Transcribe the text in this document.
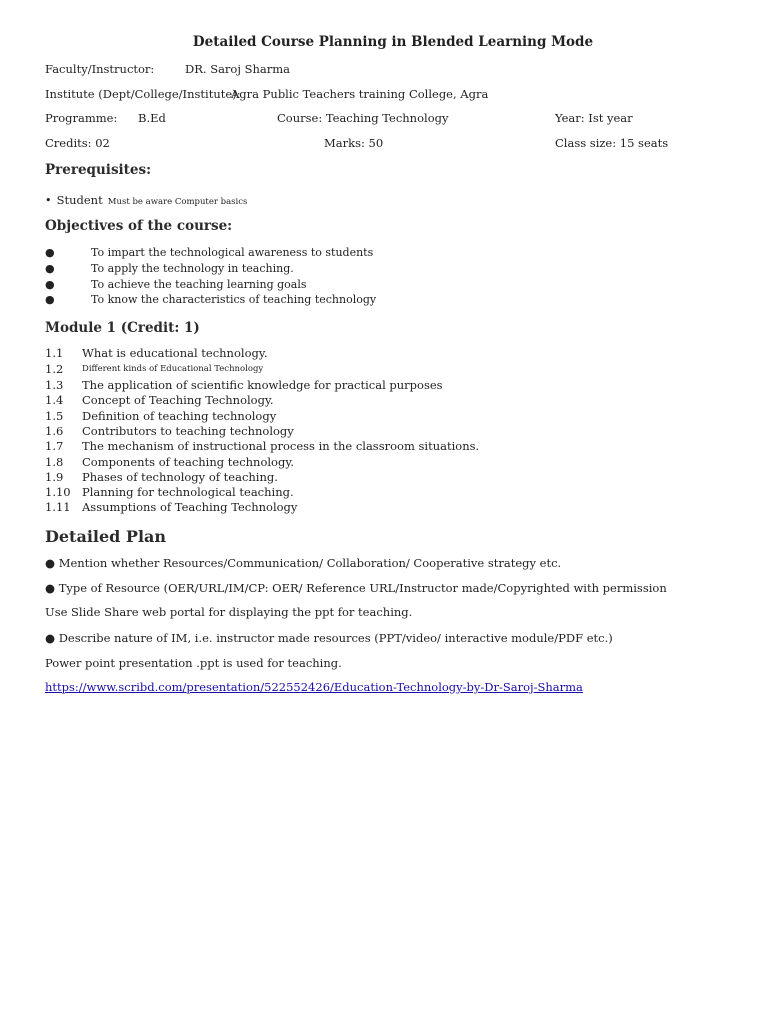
Detailed Course Planning in Blended Learning Mode
Faculty/Instructor:	DR. Saroj Sharma
Institute (Dept/College/Institute):
Agra Public Teachers training College, Agra
Programme: B.Ed	Course: Teaching Technology	Year: Ist year
Credits: 02	Marks: 50	Class size: 15 seats
Prerequisites:
• Student Must be aware Computer basics
Objectives of the course:
●	To impart the technological awareness to students
●	To apply the technology in teaching.
●	To achieve the teaching learning goals
●	To know the characteristics of teaching technology
Module 1 (Credit: 1)
1.1 What is educational technology.
1.2 Different kinds of Educational Technology
1.3 The application of scientific knowledge for practical purposes
1.4 Concept of Teaching Technology.
1.5 Definition of teaching technology
1.6 Contributors to teaching technology
1.7 The mechanism of instructional process in the classroom situations.
1.8 Components of teaching technology.
1.9 Phases of technology of teaching.
1.10 Planning for technological teaching.
1.11 Assumptions of Teaching Technology
Detailed Plan
● Mention whether Resources/Communication/ Collaboration/ Cooperative strategy etc.
● Type of Resource (OER/URL/IM/CP: OER/ Reference URL/Instructor made/Copyrighted with permission
Use Slide Share web portal for displaying the ppt for teaching.
● Describe nature of IM, i.e. instructor made resources (PPT/video/ interactive module/PDF etc.)
Power point presentation .ppt is used for teaching.
https://www.scribd.com/presentation/522552426/Education-Technology-by-Dr-Saroj-Sharma
